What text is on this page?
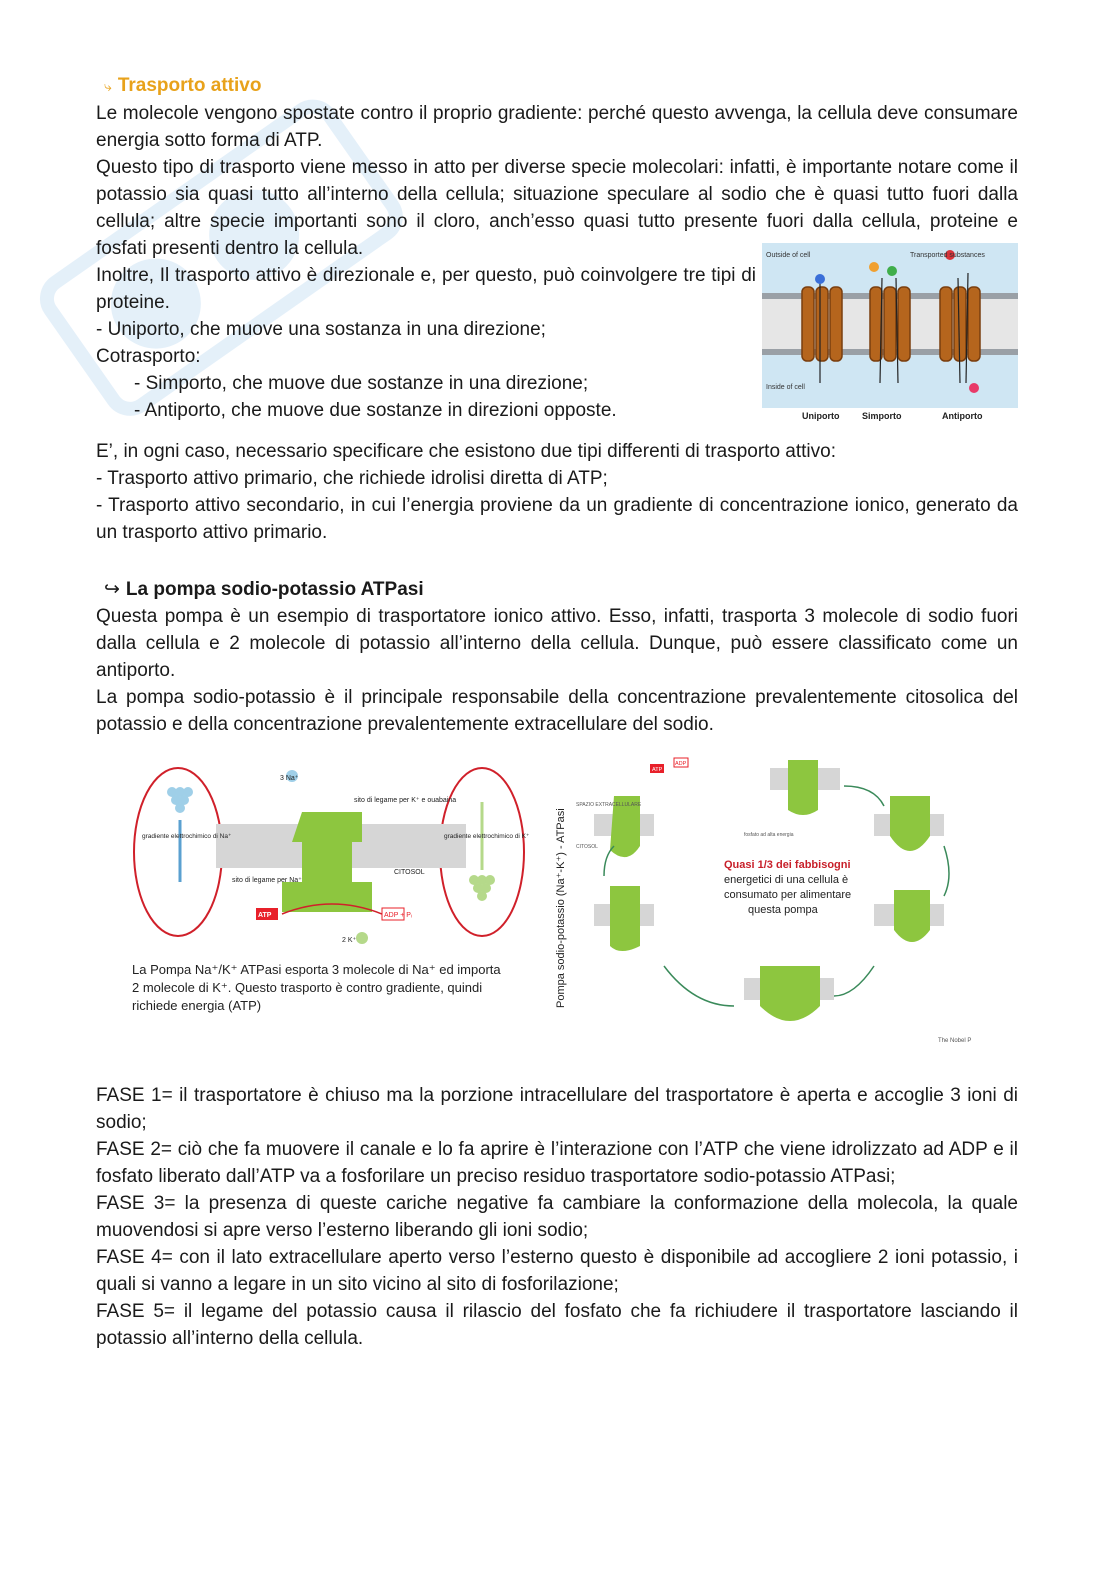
⤷ Trasporto attivo

Le molecole vengono spostate contro il proprio gradiente: perché questo avvenga, la cellula deve consumare energia sotto forma di ATP.

Questo tipo di trasporto viene messo in atto per diverse specie molecolari: infatti, è importante notare come il potassio sia quasi tutto all’interno della cellula; situazione speculare al sodio che è quasi tutto fuori dalla cellula; altre specie importanti sono il cloro, anch’esso quasi tutto presente fuori dalla cellula, proteine e fosfati presenti dentro la cellula.

Inoltre, Il trasporto attivo è direzionale e, per questo, può coinvolgere tre tipi di proteine.

- Uniporto, che muove una sostanza in una direzione;

Cotrasporto:

- Simporto, che muove due sostanze in una direzione;

- Antiporto, che muove due sostanze in direzioni opposte.

Outside of cell
Inside of cell
Transported substances
Uniporto	Simporto	Antiporto

E’, in ogni caso, necessario specificare che esistono due tipi differenti di trasporto attivo:

- Trasporto attivo primario, che richiede idrolisi diretta di ATP;

- Trasporto attivo secondario, in cui l’energia proviene da un gradiente di concentrazione ionico, generato da un trasporto attivo primario.

↪ La pompa sodio-potassio ATPasi

Questa pompa è un esempio di trasportatore ionico attivo. Esso, infatti, trasporta 3 molecole di sodio fuori dalla cellula e 2 molecole di potassio all’interno della cellula. Dunque, può essere classificato come un antiporto.

La pompa sodio-potassio è il principale responsabile della concentrazione prevalentemente citosolica del potassio e della concentrazione prevalentemente extracellulare del sodio.

3 Na⁺
sito di legame per K⁺ e ouabaina
gradiente elettrochimico di Na⁺	gradiente elettrochimico di K⁺
sito di legame per Na⁺
CITOSOL
ATP	ADP + Pᵢ
2 K⁺
La Pompa Na⁺/K⁺ ATPasi esporta 3 molecole di Na⁺ ed importa
2 molecole di K⁺. Questo trasporto è contro gradiente, quindi
richiede energia (ATP)	Pompa sodio-potassio (Na⁺-K⁺) - ATPasi
ATP
ADP
SPAZIO EXTRACELLULARE
CITOSOL
fosfato ad alta energia
Quasi 1/3 dei fabbisogni
energetici di una cellula è
consumato per alimentare
questa pompa
The Nobel P

FASE 1= il trasportatore è chiuso ma la porzione intracellulare del trasportatore è aperta e accoglie 3 ioni di sodio;

FASE 2= ciò che fa muovere il canale e lo fa aprire è l’interazione con l’ATP che viene idrolizzato ad ADP e il fosfato liberato dall’ATP va a fosforilare un preciso residuo trasportatore sodio-potassio ATPasi;

FASE 3= la presenza di queste cariche negative fa cambiare la conformazione della molecola, la quale muovendosi si apre verso l’esterno liberando gli ioni sodio;

FASE 4= con il lato extracellulare aperto verso l’esterno questo è disponibile ad accogliere 2 ioni potassio, i quali si vanno a legare in un sito vicino al sito di fosforilazione;

FASE 5= il legame del potassio causa il rilascio del fosfato che fa richiudere il trasportatore lasciando il potassio all’interno della cellula.
